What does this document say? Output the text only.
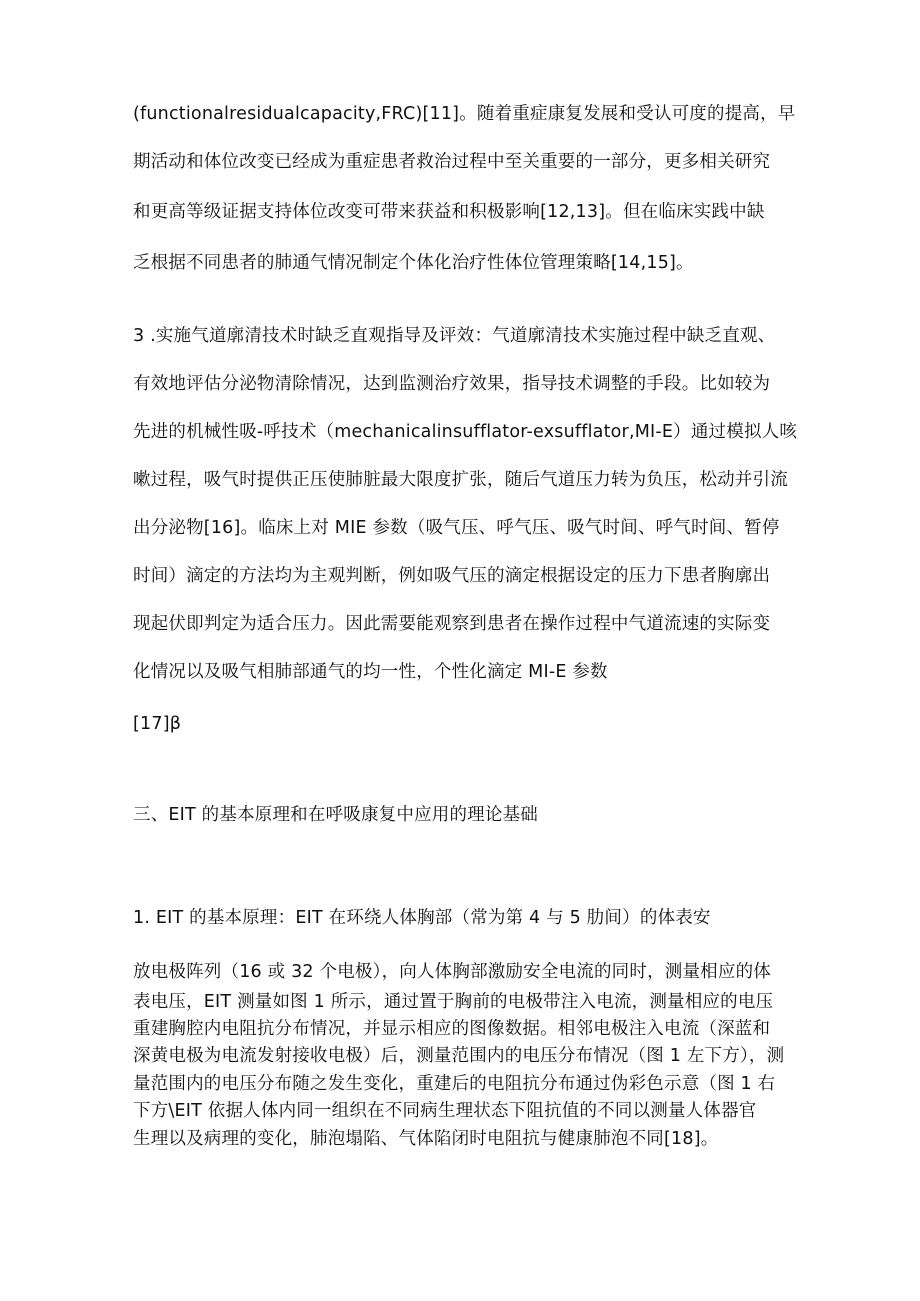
(functionalresidualcapacity,FRC)[11]。随着重症康复发展和受认可度的提高，早
期活动和体位改变已经成为重症患者救治过程中至关重要的一部分，更多相关研究
和更高等级证据支持体位改变可带来获益和积极影响[12,13]。但在临床实践中缺
乏根据不同患者的肺通气情况制定个体化治疗性体位管理策略[14,15]。
3 .实施气道廓清技术时缺乏直观指导及评效：气道廓清技术实施过程中缺乏直观、
有效地评估分泌物清除情况，达到监测治疗效果，指导技术调整的手段。比如较为
先进的机械性吸-呼技术（mechanicalinsufflator-exsufflator,MI-E）通过模拟人咳
嗽过程，吸气时提供正压使肺脏最大限度扩张，随后气道压力转为负压，松动并引流
出分泌物[16]。临床上对 MIE 参数（吸气压、呼气压、吸气时间、呼气时间、暂停
时间）滴定的方法均为主观判断，例如吸气压的滴定根据设定的压力下患者胸廓出
现起伏即判定为适合压力。因此需要能观察到患者在操作过程中气道流速的实际变
化情况以及吸气相肺部通气的均一性，个性化滴定 MI-E 参数
[17]β
三、EIT 的基本原理和在呼吸康复中应用的理论基础
1. EIT 的基本原理：EIT 在环绕人体胸部（常为第 4 与 5 肋间）的体表安
放电极阵列（16 或 32 个电极），向人体胸部激励安全电流的同时，测量相应的体
表电压，EIT 测量如图 1 所示，通过置于胸前的电极带注入电流，测量相应的电压
重建胸腔内电阻抗分布情况，并显示相应的图像数据。相邻电极注入电流（深蓝和
深黄电极为电流发射接收电极）后，测量范围内的电压分布情况（图 1 左下方），测
量范围内的电压分布随之发生变化，重建后的电阻抗分布通过伪彩色示意（图 1 右
下方\EIT 依据人体内同一组织在不同病生理状态下阻抗值的不同以测量人体器官
生理以及病理的变化，肺泡塌陷、气体陷闭时电阻抗与健康肺泡不同[18]。
